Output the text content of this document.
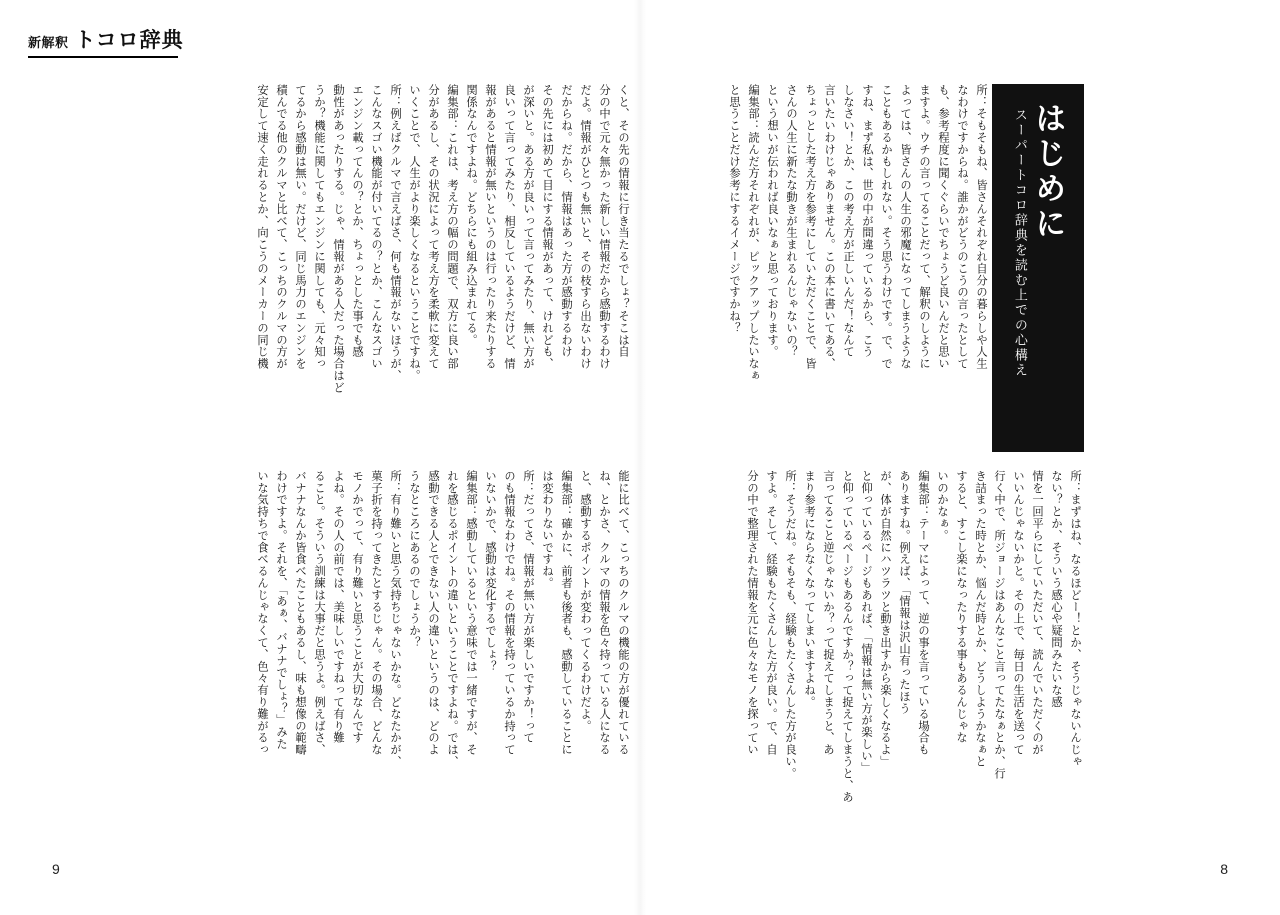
新解釈 トコロ辞典
スーパートコロ辞典を読む上での心構え はじめに
所：そもそもね、皆さんそれぞれ自分の暮らしや人生
なわけですからね。誰かがどうのこうの言ったとして
も、参考程度に聞くぐらいでちょうど良いんだと思い
ますよ。ウチの言ってることだって、解釈のしように
よっては、皆さんの人生の邪魔になってしまうような
こともあるかもしれない。そう思うわけです。で、で
すね、まず私は、世の中が間違っているから、こう
しなさい！とか、この考え方が正しいんだ！なんて
言いたいわけじゃありません。この本に書いてある、
ちょっとした考え方を参考にしていただくことで、皆
さんの人生に新たな動きが生まれるんじゃないの？
という想いが伝われば良いなぁと思っております。
編集部：読んだ方それぞれが、ピックアップしたいなぁ
と思うことだけ参考にするイメージですかね？
所：まずはね、なるほどー！とか、そうじゃないんじゃ
ない？とか、そういう感心や疑問みたいな感
情を一回平らにしていただいて、読んでいただくのが
いいんじゃないかと。その上で、毎日の生活を送って
行く中で、所ジョージはあんなこと言ってたなぁとか、行
き詰まった時とか、悩んだ時とか、どうしようかなぁと
すると、すこし楽になったりする事もあるんじゃな
いのかなぁ。
編集部：テーマによって、逆の事を言っている場合も
ありますね。例えば、「情報は沢山有ったほう
が、体が自然にハツラツと動き出すから楽しくなるよ」
と仰っているページもあれば、「情報は無い方が楽しい」
と仰っているページもあるんですか？って捉えてしまうと、あ
言ってること逆じゃないか？って捉えてしまうと、あ
まり参考にならなくなってしまいますよね。
所：そうだね。そもそも、経験もたくさんした方が良い。
すよ。そして、経験もたくさんした方が良い。で、自
分の中で整理された情報を元に色々なモノを探ってい
くと、その先の情報に行き当たるでしょ？そこは自
分の中で元々無かった新しい情報だから感動するわけ
だよ。情報がひとつも無いと、その枝すら出ないわけ
だからね。だから、情報はあった方が感動するわけ
その先には初めて目にする情報があって、けれども、
が深いと。ある方が良いって言ってみたり、無い方が
良いって言ってみたり、相反しているようだけど、情
報があると情報が無いというのは行ったり来たりする
関係なんですよね。どちらにも組み込まれてる。
編集部：これは、考え方の幅の問題で、双方に良い部
分があるし、その状況によって考え方を柔軟に変えて
いくことで、人生がより楽しくなるということですね。
所：例えばクルマで言えばさ、何も情報がないほうが、
こんなスゴい機能が付いてるの？とか、こんなスゴい
エンジン載ってんの？とか、ちょっとした事でも感
動性があったりする。じゃ、情報がある人だった場合はど
うか？機能に関してもエンジンに関しても、元々知っ
てるから感動は無い。だけど、同じ馬力のエンジンを
積んでる他のクルマと比べて、こっちのクルマの方が
安定して速く走れるとか、向こうのメーカーの同じ機
能に比べて、こっちのクルマの機能の方が優れている
ね、とかさ、クルマの情報を色々持っている人になる
と、感動するポイントが変わってくるわけだよ。
編集部：確かに、前者も後者も、感動していることに
は変わりないですね。
所：だってさ、情報が無い方が楽しいですか！って
のも情報なわけでね。その情報を持っているか持って
いないかで、感動は変化するでしょ？
編集部：感動しているという意味では一緒ですが、そ
れを感じるポイントの違いということですよね。では、
感動できる人とできない人の違いというのは、どのよ
うなところにあるのでしょうか？
所：有り難いと思う気持ちじゃないかな。どなたかが、
菓子折を持ってきたとするじゃん。その場合、どんな
モノかでって、有り難いと思うことが大切なんです
よね。その人の前では、美味しいですねって有り難
ること。そういう訓練は大事だと思うよ。例えばさ、
バナナなんか皆食べたこともあるし、味も想像の範疇
わけですよ。それを、「あぁ、バナナでしょ？」みた
いな気持ちで食べるんじゃなくて、色々有り難がるっ
9	8
